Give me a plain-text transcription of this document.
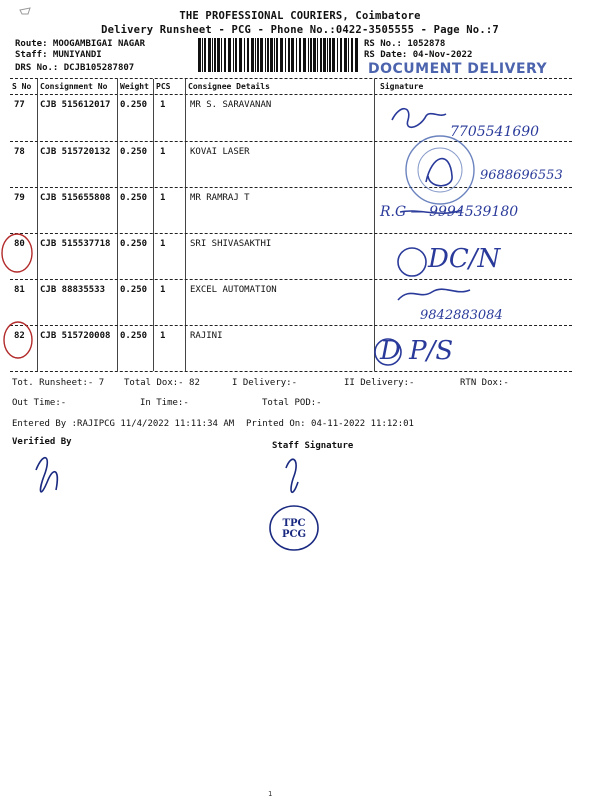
THE PROFESSIONAL COURIERS, Coimbatore
Delivery Runsheet - PCG - Phone No.:0422-3505555 - Page No.:7
Route: MOOGAMBIGAI NAGAR
Staff: MUNIYANDI
DRS No.: DCJB105287807
RS No.: 1052878
RS Date: 04-Nov-2022
DOCUMENT DELIVERY
S No Consignment No Weight PCS Consignee Details	Signature
77 CJB 515612017 0.250 1	MR S. SARAVANAN
7705541690
78 CJB 515720132 0.250 1	KOVAI LASER
9688696553
79 CJB 515655808 0.250 1	MR RAMRAJ T
R.G — 9994539180
80 CJB 515537718 0.250 1	SRI SHIVASAKTHI	DC/N
81 CJB 88835533 0.250 1	EXCEL AUTOMATION
9842883084
82 CJB 515720008 0.250 1	RAJINI	D P/S
Tot. Runsheet:- 7 Total Dox:- 82	I Delivery:-	II Delivery:-	RTN Dox:-
Out Time:-	In Time:-	Total POD:-
Entered By :RAJIPCG 11/4/2022 11:11:34 AM Printed On: 04-11-2022 11:12:01
Verified By	Staff Signature
TPC PCG
1
